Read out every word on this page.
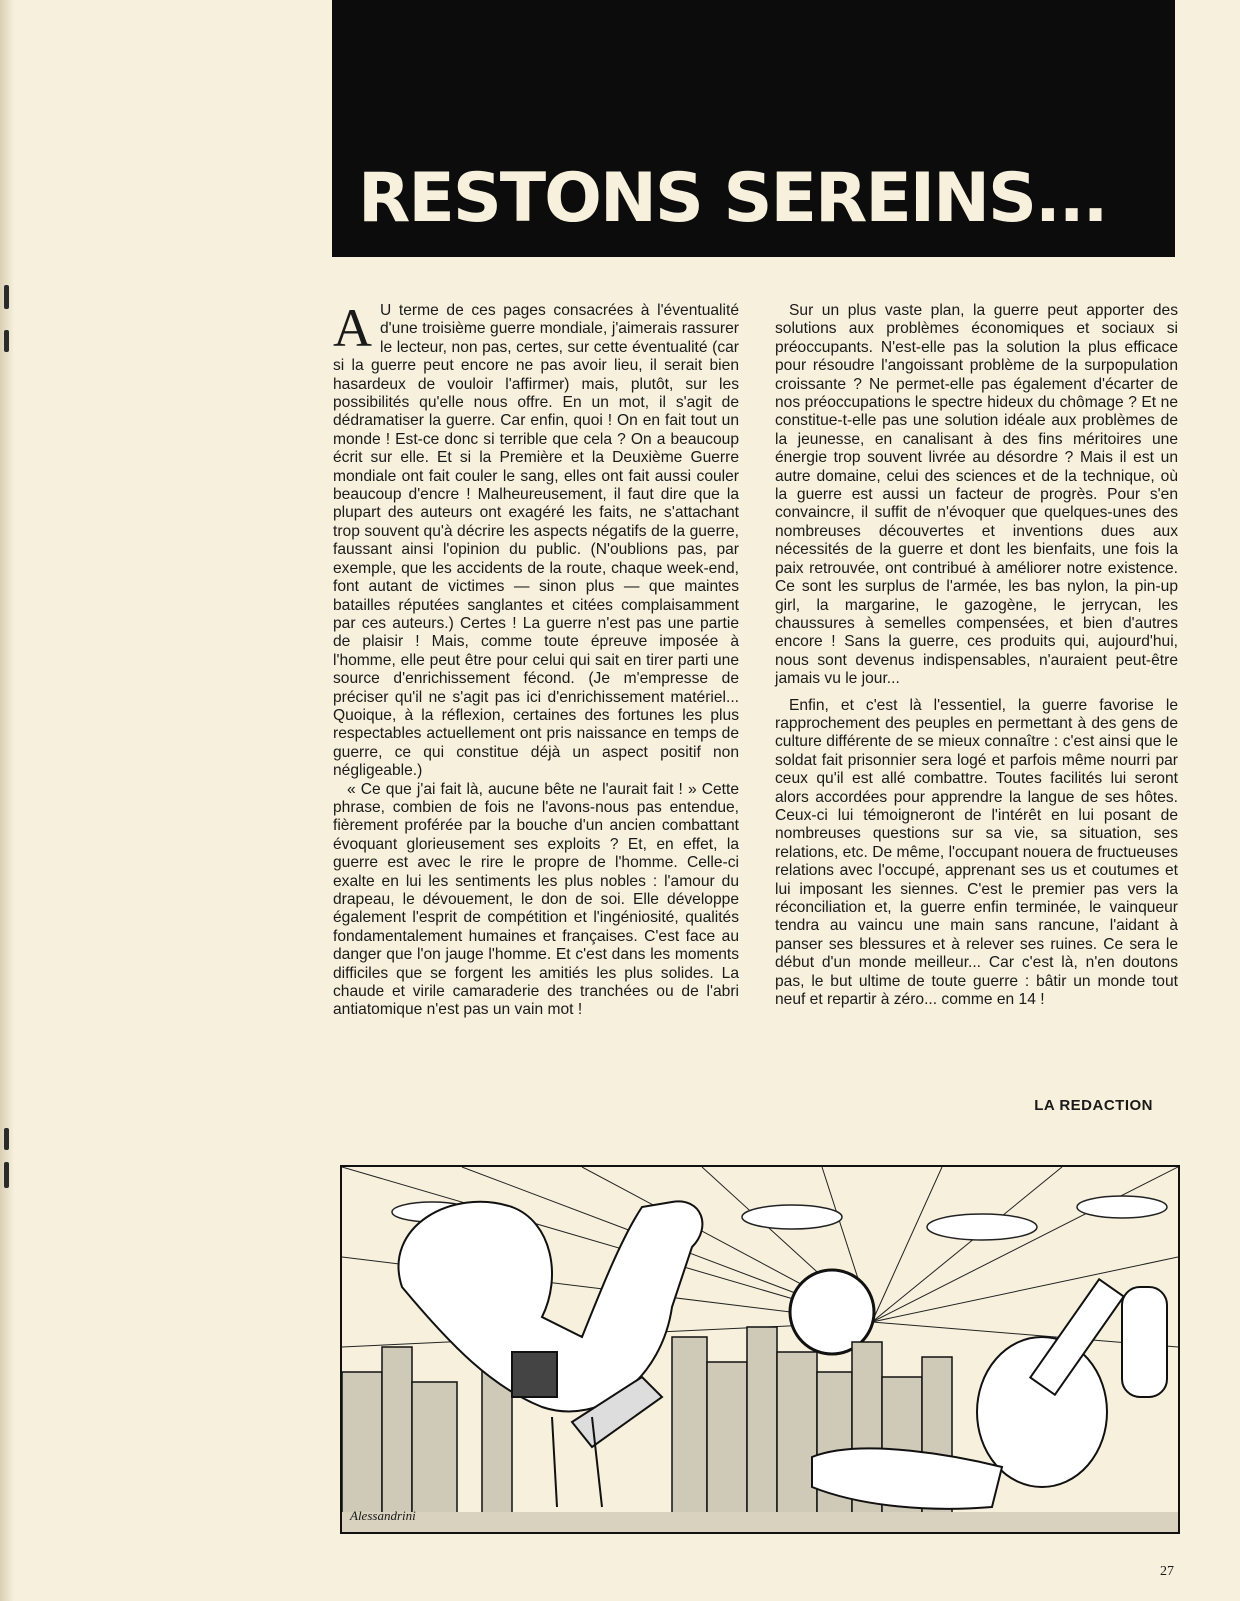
RESTONS SEREINS...

A U terme de ces pages consacrées à l'éventualité d'une troisième guerre mondiale, j'aimerais rassurer le lecteur, non pas, certes, sur cette éventualité (car si la guerre peut encore ne pas avoir lieu, il serait bien hasardeux de vouloir l'affirmer) mais, plutôt, sur les possibilités qu'elle nous offre. En un mot, il s'agit de dédramatiser la guerre. Car enfin, quoi ! On en fait tout un monde ! Est-ce donc si terrible que cela ? On a beaucoup écrit sur elle. Et si la Première et la Deuxième Guerre mondiale ont fait couler le sang, elles ont fait aussi couler beaucoup d'encre ! Malheureusement, il faut dire que la plupart des auteurs ont exagéré les faits, ne s'attachant trop souvent qu'à décrire les aspects négatifs de la guerre, faussant ainsi l'opinion du public. (N'oublions pas, par exemple, que les accidents de la route, chaque week-end, font autant de victimes — sinon plus — que maintes batailles réputées sanglantes et citées complaisamment par ces auteurs.) Certes ! La guerre n'est pas une partie de plaisir ! Mais, comme toute épreuve imposée à l'homme, elle peut être pour celui qui sait en tirer parti une source d'enrichissement fécond. (Je m'empresse de préciser qu'il ne s'agit pas ici d'enrichissement matériel... Quoique, à la réflexion, certaines des fortunes les plus respectables actuellement ont pris naissance en temps de guerre, ce qui constitue déjà un aspect positif non négligeable.)

« Ce que j'ai fait là, aucune bête ne l'aurait fait ! » Cette phrase, combien de fois ne l'avons-nous pas entendue, fièrement proférée par la bouche d'un ancien combattant évoquant glorieusement ses exploits ? Et, en effet, la guerre est avec le rire le propre de l'homme. Celle-ci exalte en lui les sentiments les plus nobles : l'amour du drapeau, le dévouement, le don de soi. Elle développe également l'esprit de compétition et l'ingéniosité, qualités fondamentalement humaines et françaises. C'est face au danger que l'on jauge l'homme. Et c'est dans les moments difficiles que se forgent les amitiés les plus solides. La chaude et virile camaraderie des tranchées ou de l'abri antiatomique n'est pas un vain mot !

Sur un plus vaste plan, la guerre peut apporter des solutions aux problèmes économiques et sociaux si préoccupants. N'est-elle pas la solution la plus efficace pour résoudre l'angoissant problème de la surpopulation croissante ? Ne permet-elle pas également d'écarter de nos préoccupations le spectre hideux du chômage ? Et ne constitue-t-elle pas une solution idéale aux problèmes de la jeunesse, en canalisant à des fins méritoires une énergie trop souvent livrée au désordre ? Mais il est un autre domaine, celui des sciences et de la technique, où la guerre est aussi un facteur de progrès. Pour s'en convaincre, il suffit de n'évoquer que quelques-unes des nombreuses découvertes et inventions dues aux nécessités de la guerre et dont les bienfaits, une fois la paix retrouvée, ont contribué à améliorer notre existence. Ce sont les surplus de l'armée, les bas nylon, la pin-up girl, la margarine, le gazogène, le jerrycan, les chaussures à semelles compensées, et bien d'autres encore ! Sans la guerre, ces produits qui, aujourd'hui, nous sont devenus indispensables, n'auraient peut-être jamais vu le jour...

Enfin, et c'est là l'essentiel, la guerre favorise le rapprochement des peuples en permettant à des gens de culture différente de se mieux connaître : c'est ainsi que le soldat fait prisonnier sera logé et parfois même nourri par ceux qu'il est allé combattre. Toutes facilités lui seront alors accordées pour apprendre la langue de ses hôtes. Ceux-ci lui témoigneront de l'intérêt en lui posant de nombreuses questions sur sa vie, sa situation, ses relations, etc. De même, l'occupant nouera de fructueuses relations avec l'occupé, apprenant ses us et coutumes et lui imposant les siennes. C'est le premier pas vers la réconciliation et, la guerre enfin terminée, le vainqueur tendra au vaincu une main sans rancune, l'aidant à panser ses blessures et à relever ses ruines. Ce sera le début d'un monde meilleur... Car c'est là, n'en doutons pas, le but ultime de toute guerre : bâtir un monde tout neuf et repartir à zéro... comme en 14 !

LA REDACTION
Alessandrini
27
